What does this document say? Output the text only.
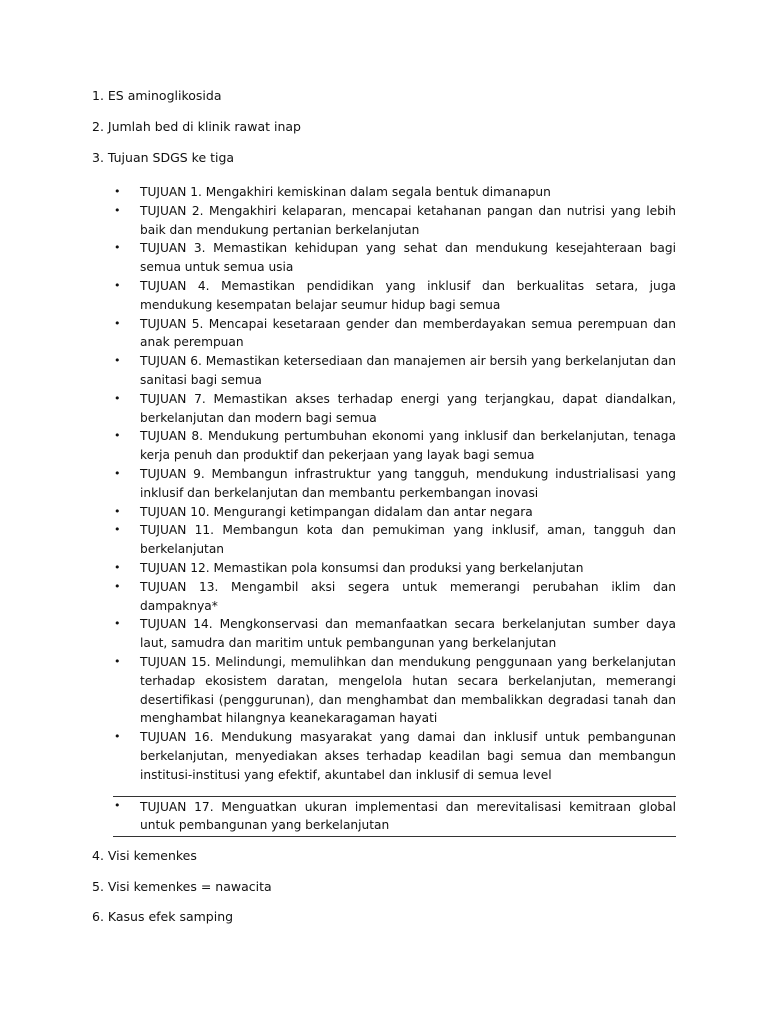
1. ES aminoglikosida
2. Jumlah bed di klinik rawat inap
3. Tujuan SDGS ke tiga
• TUJUAN 1. Mengakhiri kemiskinan dalam segala bentuk dimanapun
• TUJUAN 2. Mengakhiri kelaparan, mencapai ketahanan pangan dan nutrisi yang lebih baik dan mendukung pertanian berkelanjutan
• TUJUAN 3. Memastikan kehidupan yang sehat dan mendukung kesejahteraan bagi semua untuk semua usia
• TUJUAN 4. Memastikan pendidikan yang inklusif dan berkualitas setara, juga mendukung kesempatan belajar seumur hidup bagi semua
• TUJUAN 5. Mencapai kesetaraan gender dan memberdayakan semua perempuan dan anak perempuan
• TUJUAN 6. Memastikan ketersediaan dan manajemen air bersih yang berkelanjutan dan sanitasi bagi semua
• TUJUAN 7. Memastikan akses terhadap energi yang terjangkau, dapat diandalkan, berkelanjutan dan modern bagi semua
• TUJUAN 8. Mendukung pertumbuhan ekonomi yang inklusif dan berkelanjutan, tenaga kerja penuh dan produktif dan pekerjaan yang layak bagi semua
• TUJUAN 9. Membangun infrastruktur yang tangguh, mendukung industrialisasi yang inklusif dan berkelanjutan dan membantu perkembangan inovasi
• TUJUAN 10. Mengurangi ketimpangan didalam dan antar negara
• TUJUAN 11. Membangun kota dan pemukiman yang inklusif, aman, tangguh dan berkelanjutan
• TUJUAN 12. Memastikan pola konsumsi dan produksi yang berkelanjutan
• TUJUAN 13. Mengambil aksi segera untuk memerangi perubahan iklim dan dampaknya*
• TUJUAN 14. Mengkonservasi dan memanfaatkan secara berkelanjutan sumber daya laut, samudra dan maritim untuk pembangunan yang berkelanjutan
• TUJUAN 15. Melindungi, memulihkan dan mendukung penggunaan yang berkelanjutan terhadap ekosistem daratan, mengelola hutan secara berkelanjutan, memerangi desertifikasi (penggurunan), dan menghambat dan membalikkan degradasi tanah dan menghambat hilangnya keanekaragaman hayati
• TUJUAN 16. Mendukung masyarakat yang damai dan inklusif untuk pembangunan berkelanjutan, menyediakan akses terhadap keadilan bagi semua dan membangun institusi-institusi yang efektif, akuntabel dan inklusif di semua level
• TUJUAN 17. Menguatkan ukuran implementasi dan merevitalisasi kemitraan global untuk pembangunan yang berkelanjutan
4. Visi kemenkes
5. Visi kemenkes = nawacita
6. Kasus efek samping
